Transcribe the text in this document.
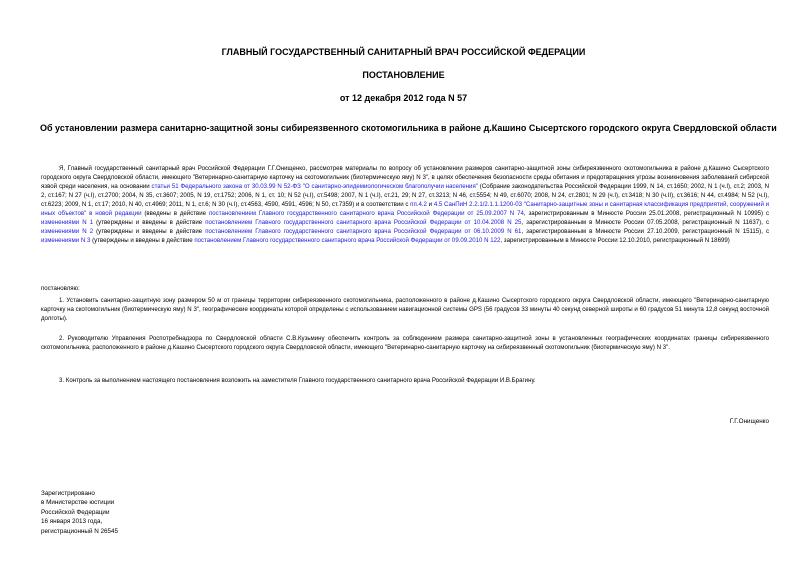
ГЛАВНЫЙ ГОСУДАРСТВЕННЫЙ САНИТАРНЫЙ ВРАЧ РОССИЙСКОЙ ФЕДЕРАЦИИ
ПОСТАНОВЛЕНИЕ
от 12 декабря 2012 года N 57
Об установлении размера санитарно-защитной зоны сибиреязвенного скотомогильника в районе д.Кашино Сысертского городского округа Свердловской области

Я, Главный государственный санитарный врач Российской Федерации Г.Г.Онищенко, рассмотрев материалы по вопросу об установлении размеров санитарно-защитной зоны сибиреязвенного скотомогильника в районе д.Кашино Сысертского городского округа Свердловской области, имеющего "Ветеринарно-санитарную карточку на скотомогильник (биотермическую яму) N 3", в целях обеспечения безопасности среды обитания и предотвращения угрозы возникновения заболеваний сибирской язвой среди населения, на основании статьи 51 Федерального закона от 30.03.99 N 52-ФЗ "О санитарно-эпидемиологическом благополучии населения" (Собрание законодательства Российской Федерации 1999, N 14, ст.1650; 2002, N 1 (ч.I), ст.2; 2003, N 2, ст.167; N 27 (ч.I), ст.2700; 2004, N 35, ст.3607; 2005, N 19, ст.1752; 2006, N 1, ст. 10; N 52 (ч.I), ст.5498; 2007, N 1 (ч.I), ст.21, 29; N 27, ст.3213; N 46, ст.5554; N 49, ст.6070; 2008, N 24, ст.2801; N 29 (ч.I), ст.3418; N 30 (ч.II), ст.3616; N 44, ст.4984; N 52 (ч.I), ст.6223; 2009, N 1, ст.17; 2010, N 40, ст.4969; 2011, N 1, ст.6; N 30 (ч.I), ст.4563, 4590, 4591, 4596; N 50, ст.7359) и в соответствии с пп.4.2 и 4.5 СанПиН 2.2.1/2.1.1.1200-03 "Санитарно-защитные зоны и санитарная классификация предприятий, сооружений и иных объектов" в новой редакции (введены в действие постановлением Главного государственного санитарного врача Российской Федерации от 25.09.2007 N 74, зарегистрированным в Минюсте России 25.01.2008, регистрационный N 10995) с изменениями N 1 (утверждены и введены в действие постановлением Главного государственного санитарного врача Российской Федерации от 10.04.2008 N 25, зарегистрированным в Минюсте России 07.05.2008, регистрационный N 11637), с изменениями N 2 (утверждены и введены в действие постановлением Главного государственного санитарного врача Российской Федерации от 06.10.2009 N 61, зарегистрированным в Минюсте России 27.10.2009, регистрационный N 15115), с изменениями N 3 (утверждены и введены в действие постановлением Главного государственного санитарного врача Российской Федерации от 09.09.2010 N 122, зарегистрированным в Минюсте России 12.10.2010, регистрационный N 18699)

постановляю:
1. Установить санитарно-защитную зону размером 50 м от границы территории сибиреязвенного скотомогильника, расположенного в районе д.Кашино Сысертского городского округа Свердловской области, имеющего "Ветеринарно-санитарную карточку на скотомогильник (биотермическую яму) N 3", географические координаты которой определены с использованием навигационной системы GPS (56 градусов 33 минуты 40 секунд северной широты и 60 градусов 51 минута 12,8 секунд восточной долготы).
2. Руководителю Управления Роспотребнадзора по Свердловской области С.В.Кузьмину обеспечить контроль за соблюдением размера санитарно-защитной зоны в установленных географических координатах границы сибиреязвенного скотомогильника, расположенного в районе д.Кашино Сысертского городского округа Свердловской области, имеющего "Ветеринарно-санитарную карточку на сибиреязвенный скотомогильник (биотермическую яму) N 3".
3. Контроль за выполнением настоящего постановления возложить на заместителя Главного государственного санитарного врача Российской Федерации И.В.Брагину.
Г.Г.Онищенко
Зарегистрировано
в Министерстве юстиции
Российской Федерации
16 января 2013 года,
регистрационный N 26545
